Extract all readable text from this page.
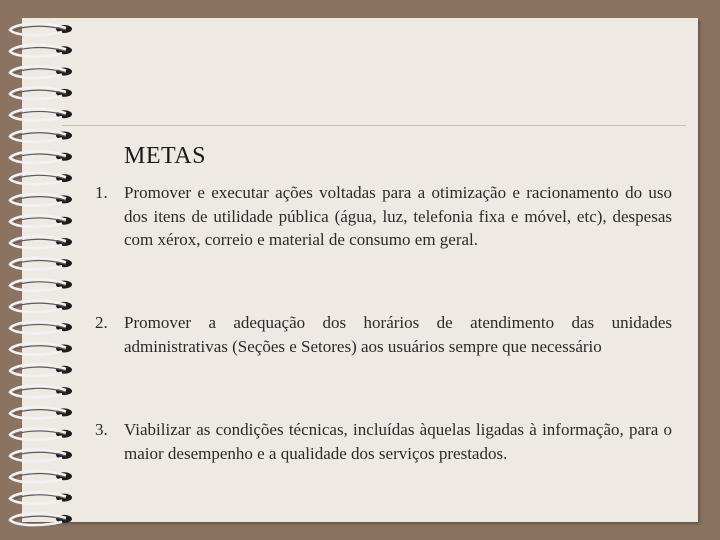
METAS
1. Promover e executar ações voltadas para a otimização e racionamento do uso dos itens de utilidade pública (água, luz, telefonia fixa e móvel, etc), despesas com xérox, correio e material de consumo em geral.
2. Promover a adequação dos horários de atendimento das unidades administrativas (Seções e Setores) aos usuários sempre que necessário
3. Viabilizar as condições técnicas, incluídas àquelas ligadas à informação, para o maior desempenho e a qualidade dos serviços prestados.
